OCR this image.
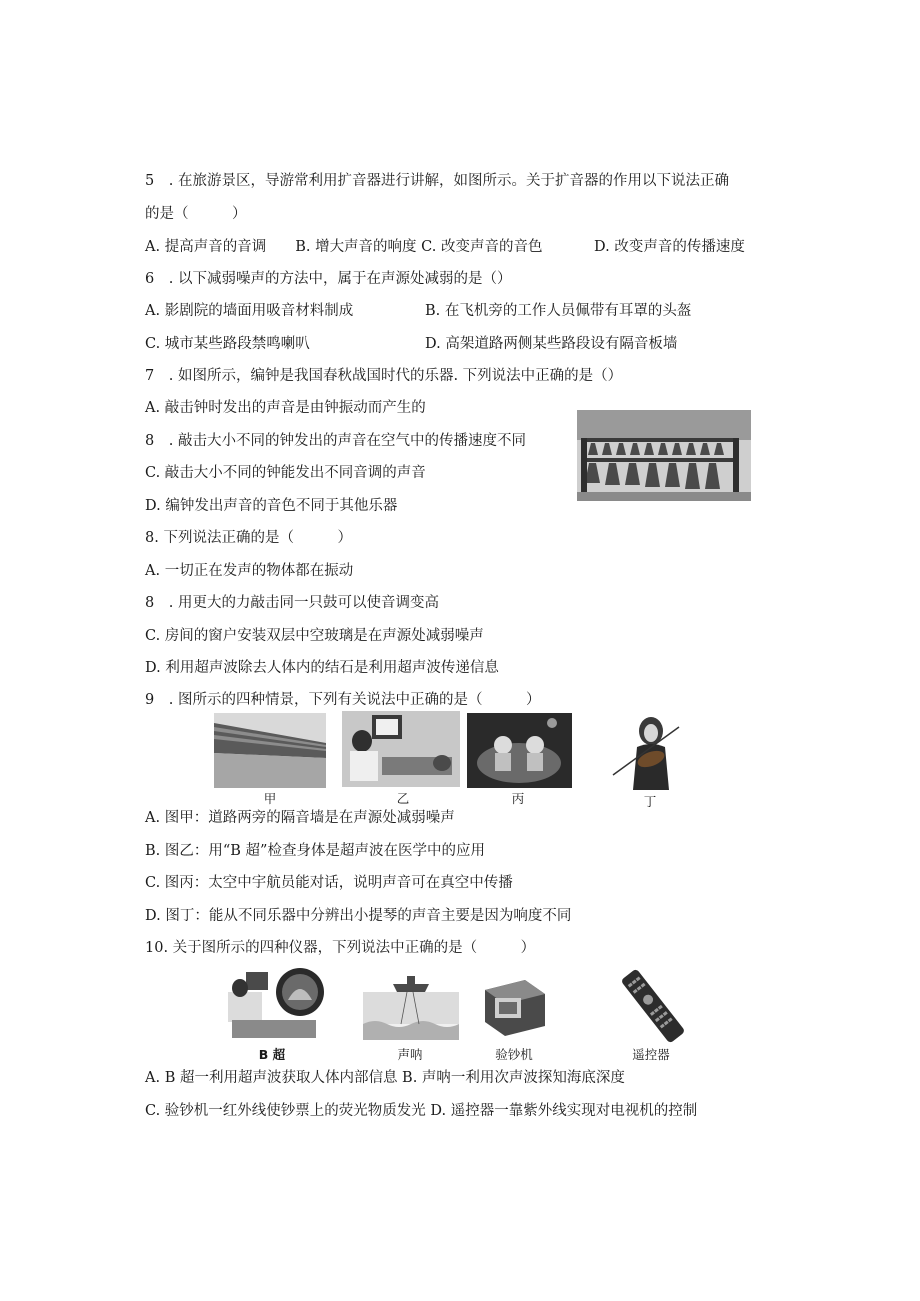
5　. 在旅游景区，导游常利用扩音器进行讲解，如图所示。关于扩音器的作用以下说法正确
的是（　　　）
A. 提高声音的音调　　B. 增大声音的响度 C. 改变声音的音色	D. 改变声音的传播速度
6　. 以下减弱噪声的方法中，属于在声源处减弱的是（）
A. 影剧院的墙面用吸音材料制成	B. 在飞机旁的工作人员佩带有耳罩的头盔
C. 城市某些路段禁鸣喇叭	D. 高架道路两侧某些路段设有隔音板墙
7　. 如图所示，编钟是我国春秋战国时代的乐器. 下列说法中正确的是（）
A. 敲击钟时发出的声音是由钟振动而产生的
8　. 敲击大小不同的钟发出的声音在空气中的传播速度不同
C. 敲击大小不同的钟能发出不同音调的声音
D. 编钟发出声音的音色不同于其他乐器
8. 下列说法正确的是（　　　）
A. 一切正在发声的物体都在振动
8　. 用更大的力敲击同一只鼓可以使音调变高
C. 房间的窗户安装双层中空玻璃是在声源处减弱噪声
D. 利用超声波除去人体内的结石是利用超声波传递信息
9　. 图所示的四种情景，下列有关说法中正确的是（　　　）
甲	乙	丙	丁
A. 图甲：道路两旁的隔音墙是在声源处减弱噪声
B. 图乙：用“B 超”检查身体是超声波在医学中的应用
C. 图丙：太空中宇航员能对话，说明声音可在真空中传播
D. 图丁：能从不同乐器中分辨出小提琴的声音主要是因为响度不同
10. 关于图所示的四种仪器，下列说法中正确的是（　　　）
B 超	声呐	验钞机	遥控器
A. B 超一利用超声波获取人体内部信息 B. 声呐一利用次声波探知海底深度
C. 验钞机一红外线使钞票上的荧光物质发光 D. 遥控器一靠紫外线实现对电视机的控制
